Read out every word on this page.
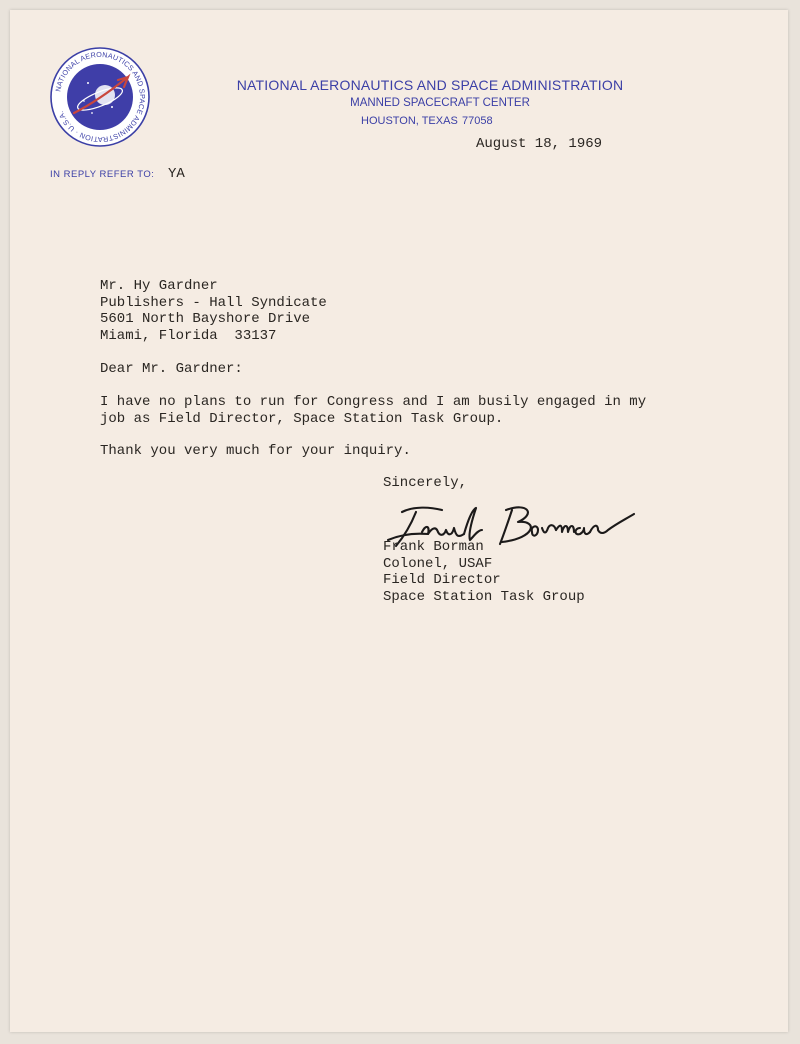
NATIONAL AERONAUTICS AND SPACE ADMINISTRATION · U.S.A.
NATIONAL AERONAUTICS AND SPACE ADMINISTRATION
MANNED SPACECRAFT CENTER
HOUSTON, TEXAS 77058
August 18, 1969
IN REPLY REFER TO: YA
Mr. Hy Gardner
Publishers - Hall Syndicate
5601 North Bayshore Drive
Miami, Florida  33137
Dear Mr. Gardner:
I have no plans to run for Congress and I am busily engaged in my
job as Field Director, Space Station Task Group.
Thank you very much for your inquiry.
Sincerely,
Frank Borman
Colonel, USAF
Field Director
Space Station Task Group
